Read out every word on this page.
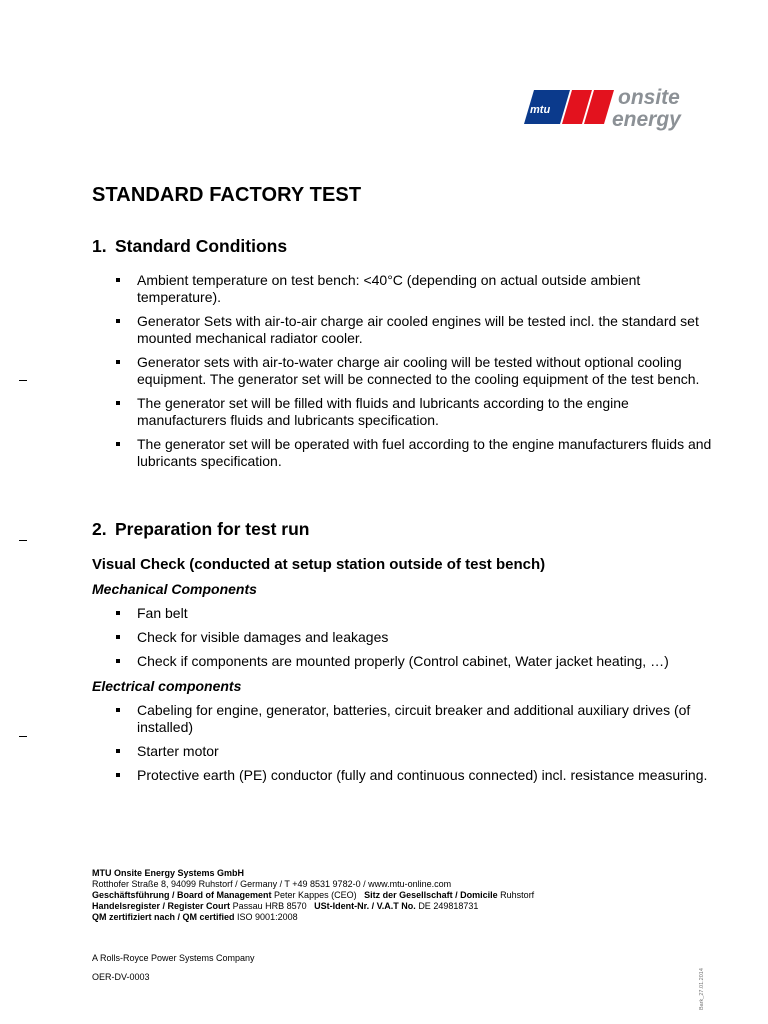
mtu
onsite
energy
STANDARD FACTORY TEST
1. Standard Conditions
Ambient temperature on test bench: <40°C (depending on actual outside ambient temperature).
Generator Sets with air-to-air charge air cooled engines will be tested incl. the standard set mounted mechanical radiator cooler.
Generator sets with air-to-water charge air cooling will be tested without optional cooling equipment. The generator set will be connected to the cooling equipment of the test bench.
The generator set will be filled with fluids and lubricants according to the engine manufacturers fluids and lubricants specification.
The generator set will be operated with fuel according to the engine manufacturers fluids and lubricants specification.
2. Preparation for test run
Visual Check (conducted at setup station outside of test bench)
Mechanical Components
Fan belt
Check for visible damages and leakages
Check if components are mounted properly (Control cabinet, Water jacket heating, …)
Electrical components
Cabeling for engine, generator, batteries, circuit breaker and additional auxiliary drives (of installed)
Starter motor
Protective earth (PE) conductor (fully and continuous connected) incl. resistance measuring.
MTU Onsite Energy Systems GmbH
Rotthofer Straße 8, 94099 Ruhstorf / Germany / T +49 8531 9782-0 / www.mtu-online.com
Geschäftsführung / Board of Management Peter Kappes (CEO) Sitz der Gesellschaft / Domicile Ruhstorf
Handelsregister / Register Court Passau HRB 8570 USt-Ident-Nr. / V.A.T No. DE 249818731
QM zertifiziert nach / QM certified ISO 9001:2008
A Rolls-Royce Power Systems Company
OER-DV-0003	Bark_27.01.2014
